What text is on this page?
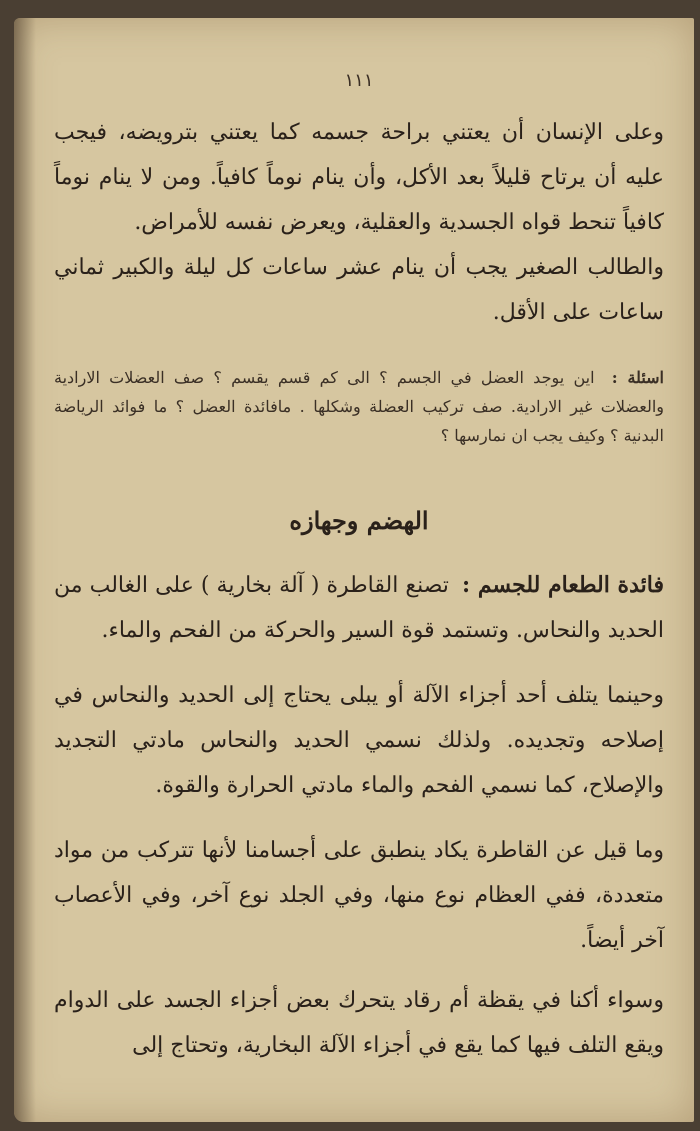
١١١

وعلى الإنسان أن يعتني براحة جسمه كما يعتني بترويضه، فيجب عليه أن يرتاح قليلاً بعد الأكل، وأن ينام نوماً كافياً. ومن لا ينام نوماً كافياً تنحط قواه الجسدية والعقلية، ويعرض نفسه للأمراض.

والطالب الصغير يجب أن ينام عشر ساعات كل ليلة والكبير ثماني ساعات على الأقل.

اسئلة : اين يوجد العضل في الجسم ؟ الى كم قسم يقسم ؟ صف العضلات الارادية والعضلات غير الارادية. صف تركيب العضلة وشكلها . مافائدة العضل ؟ ما فوائد الرياضة البدنية ؟ وكيف يجب ان نمارسها ؟

الهضم وجهازه

فائدة الطعام للجسم : تصنع القاطرة ( آلة بخارية ) على الغالب من الحديد والنحاس. وتستمد قوة السير والحركة من الفحم والماء.

وحينما يتلف أحد أجزاء الآلة أو يبلى يحتاج إلى الحديد والنحاس في إصلاحه وتجديده. ولذلك نسمي الحديد والنحاس مادتي التجديد والإصلاح، كما نسمي الفحم والماء مادتي الحرارة والقوة.

وما قيل عن القاطرة يكاد ينطبق على أجسامنا لأنها تتركب من مواد متعددة، ففي العظام نوع منها، وفي الجلد نوع آخر، وفي الأعصاب آخر أيضاً.

وسواء أكنا في يقظة أم رقاد يتحرك بعض أجزاء الجسد على الدوام ويقع التلف فيها كما يقع في أجزاء الآلة البخارية، وتحتاج إلى
